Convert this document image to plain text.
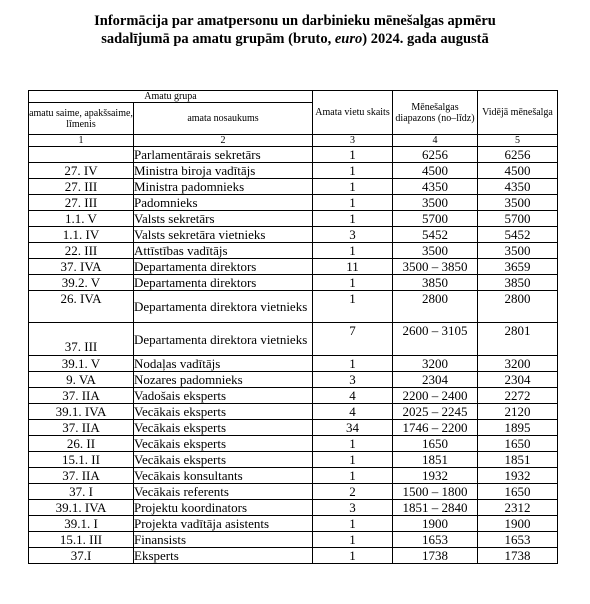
Informācija par amatpersonu un darbinieku mēnešalgas apmēru
sadalījumā pa amatu grupām (bruto, euro) 2024. gada augustā
Amatu grupa		Amata vietu skaits	Mēnešalgas diapazons (no–līdz)	Vidējā mēnešalga
amatu saime, apakšsaime, līmenis	amata nosaukums			
1	2	3	4	5
	Parlamentārais sekretārs	1	6256	6256
27. IV	Ministra biroja vadītājs	1	4500	4500
27. III	Ministra padomnieks	1	4350	4350
27. III	Padomnieks	1	3500	3500
1.1. V	Valsts sekretārs	1	5700	5700
1.1. IV	Valsts sekretāra vietnieks	3	5452	5452
22. III	Attīstības vadītājs	1	3500	3500
37. IVA	Departamenta direktors	11	3500 – 3850	3659
39.2. V	Departamenta direktors	1	3850	3850
26. IVA	Departamenta direktora vietnieks	1	2800	2800
37. III	Departamenta direktora vietnieks	7	2600 – 3105	2801
39.1. V	Nodaļas vadītājs	1	3200	3200
9. VA	Nozares padomnieks	3	2304	2304
37. IIA	Vadošais eksperts	4	2200 – 2400	2272
39.1. IVA	Vecākais eksperts	4	2025 – 2245	2120
37. IIA	Vecākais eksperts	34	1746 – 2200	1895
26. II	Vecākais eksperts	1	1650	1650
15.1. II	Vecākais eksperts	1	1851	1851
37. IIA	Vecākais konsultants	1	1932	1932
37. I	Vecākais referents	2	1500 – 1800	1650
39.1. IVA	Projektu koordinators	3	1851 – 2840	2312
39.1. I	Projekta vadītāja asistents	1	1900	1900
15.1. III	Finansists	1	1653	1653
37.I	Eksperts	1	1738	1738
